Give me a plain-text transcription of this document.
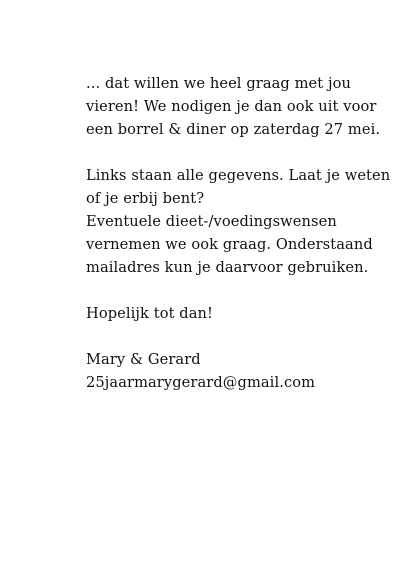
... dat willen we heel graag met jou
vieren! We nodigen je dan ook uit voor
een borrel & diner op zaterdag 27 mei.

Links staan alle gegevens. Laat je weten
of je erbij bent?
Eventuele dieet-/voedingswensen
vernemen we ook graag. Onderstaand
mailadres kun je daarvoor gebruiken.

Hopelijk tot dan!

Mary & Gerard
25jaarmarygerard@gmail.com
